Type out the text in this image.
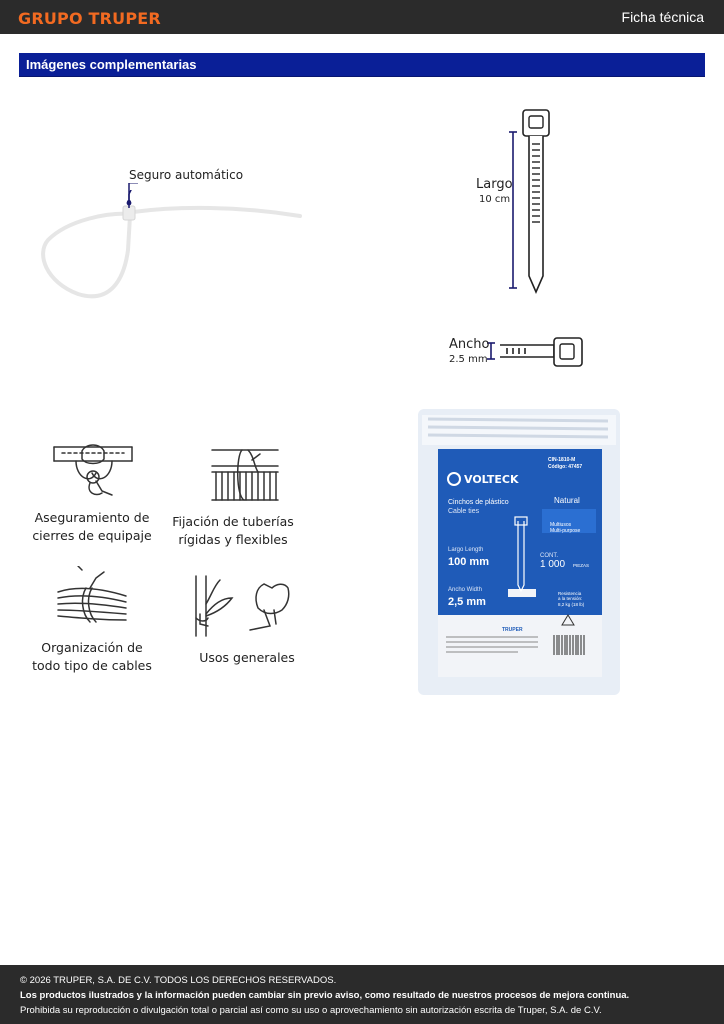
GRUPO TRUPER	Ficha técnica
Imágenes complementarias
Seguro automático
Largo
10 cm
Ancho
2.5 mm
Aseguramiento de
cierres de equipaje
Fijación de tuberías
rígidas y flexibles
Organización de
todo tipo de cables
Usos generales
VOLTECK
CIN-1810-M
Código: 47457
Cinchos de plástico
Cable ties
Natural
Multiusos
Multi-purpose
Largo Length
100 mm	CONT.
1 000 PIEZAS
Ancho Width
2,5 mm
Resistencia
a la tensión:
8,2 kg (18 lb)
TRUPER

© 2026 TRUPER, S.A. DE C.V. TODOS LOS DERECHOS RESERVADOS.

Los productos ilustrados y la información pueden cambiar sin previo aviso, como resultado de nuestros procesos de mejora continua.

Prohibida su reproducción o divulgación total o parcial así como su uso o aprovechamiento sin autorización escrita de Truper, S.A. de C.V.
